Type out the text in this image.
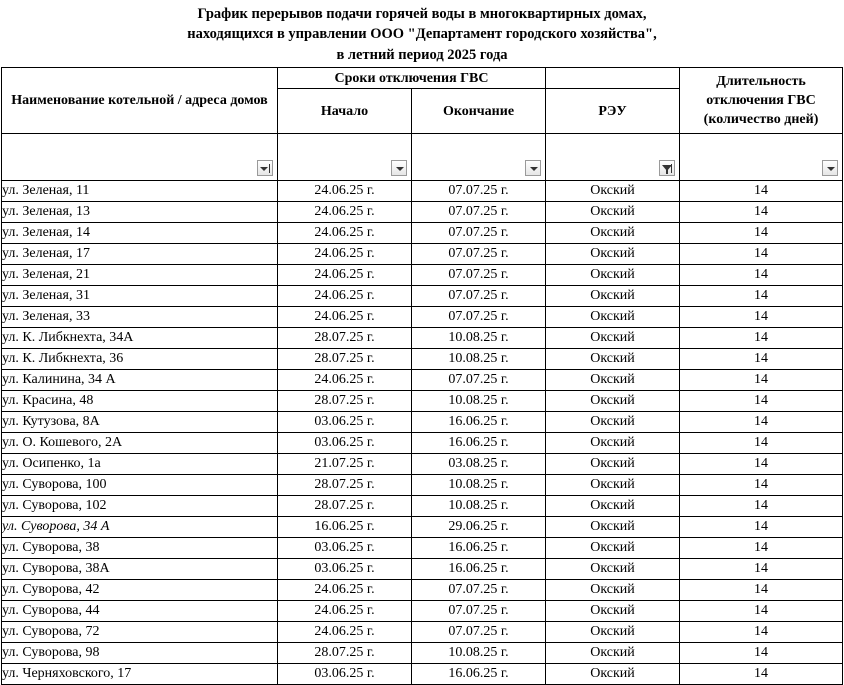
График перерывов подачи горячей воды в многоквартирных домах,
находящихся в управлении ООО "Департамент городского хозяйства",
в летний период 2025 года
Наименование котельной / адреса домов	Сроки отключения ГВС			Длительность отключения ГВС (количество дней)
	Начало	Окончание	РЭУ	

ул. Зеленая, 11	24.06.25 г.	07.07.25 г.	Окский	14
ул. Зеленая, 13	24.06.25 г.	07.07.25 г.	Окский	14
ул. Зеленая, 14	24.06.25 г.	07.07.25 г.	Окский	14
ул. Зеленая, 17	24.06.25 г.	07.07.25 г.	Окский	14
ул. Зеленая, 21	24.06.25 г.	07.07.25 г.	Окский	14
ул. Зеленая, 31	24.06.25 г.	07.07.25 г.	Окский	14
ул. Зеленая, 33	24.06.25 г.	07.07.25 г.	Окский	14
ул. К. Либкнехта, 34А	28.07.25 г.	10.08.25 г.	Окский	14
ул. К. Либкнехта, 36	28.07.25 г.	10.08.25 г.	Окский	14
ул. Калинина, 34 А	24.06.25 г.	07.07.25 г.	Окский	14
ул. Красина, 48	28.07.25 г.	10.08.25 г.	Окский	14
ул. Кутузова, 8А	03.06.25 г.	16.06.25 г.	Окский	14
ул. О. Кошевого, 2А	03.06.25 г.	16.06.25 г.	Окский	14
ул. Осипенко, 1а	21.07.25 г.	03.08.25 г.	Окский	14
ул. Суворова, 100	28.07.25 г.	10.08.25 г.	Окский	14
ул. Суворова, 102	28.07.25 г.	10.08.25 г.	Окский	14
ул. Суворова, 34 А	16.06.25 г.	29.06.25 г.	Окский	14
ул. Суворова, 38	03.06.25 г.	16.06.25 г.	Окский	14
ул. Суворова, 38А	03.06.25 г.	16.06.25 г.	Окский	14
ул. Суворова, 42	24.06.25 г.	07.07.25 г.	Окский	14
ул. Суворова, 44	24.06.25 г.	07.07.25 г.	Окский	14
ул. Суворова, 72	24.06.25 г.	07.07.25 г.	Окский	14
ул. Суворова, 98	28.07.25 г.	10.08.25 г.	Окский	14
ул. Черняховского, 17	03.06.25 г.	16.06.25 г.	Окский	14
